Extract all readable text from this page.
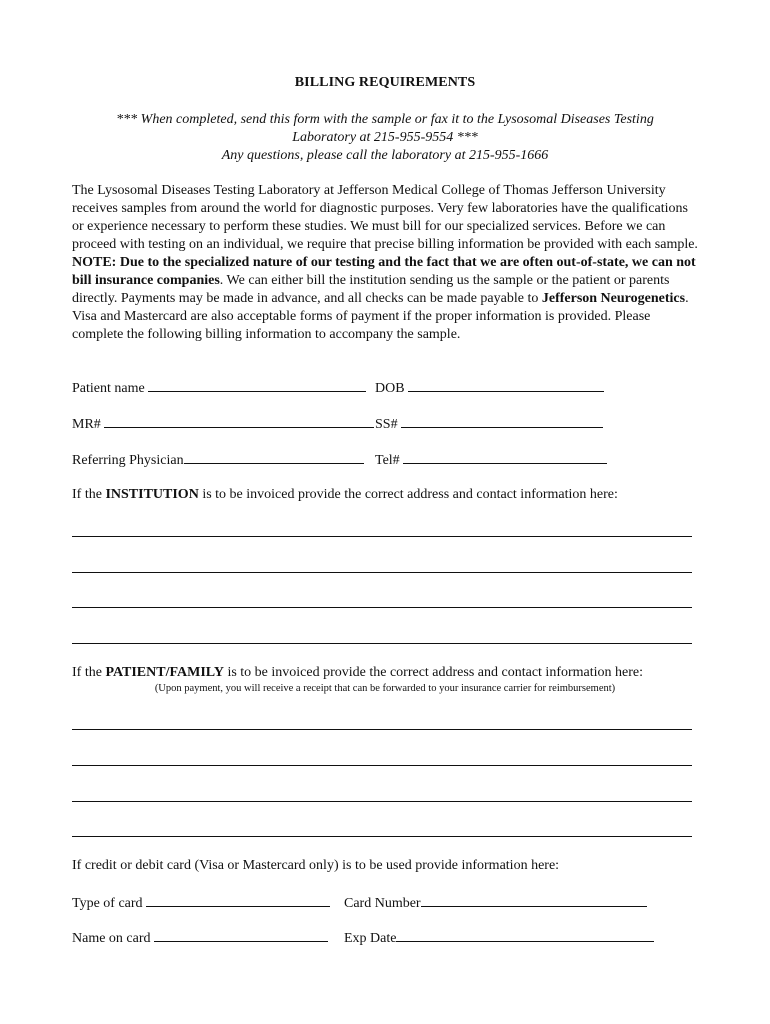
BILLING REQUIREMENTS
*** When completed, send this form with the sample or fax it to the Lysosomal Diseases Testing
Laboratory at 215-955-9554 ***
Any questions, please call the laboratory at 215-955-1666
The Lysosomal Diseases Testing Laboratory at Jefferson Medical College of Thomas Jefferson University receives samples from around the world for diagnostic purposes. Very few laboratories have the qualifications or experience necessary to perform these studies. We must bill for our specialized services. Before we can proceed with testing on an individual, we require that precise billing information be provided with each sample. NOTE: Due to the specialized nature of our testing and the fact that we are often out-of-state, we can not bill insurance companies. We can either bill the institution sending us the sample or the patient or parents directly. Payments may be made in advance, and all checks can be made payable to Jefferson Neurogenetics. Visa and Mastercard are also acceptable forms of payment if the proper information is provided. Please complete the following billing information to accompany the sample.
Patient name	DOB
MR#	SS#
Referring Physician	Tel#
If the INSTITUTION is to be invoiced provide the correct address and contact information here:
If the PATIENT/FAMILY is to be invoiced provide the correct address and contact information here:
(Upon payment, you will receive a receipt that can be forwarded to your insurance carrier for reimbursement)
If credit or debit card (Visa or Mastercard only) is to be used provide information here:
Type of card	Card Number
Name on card	Exp Date
